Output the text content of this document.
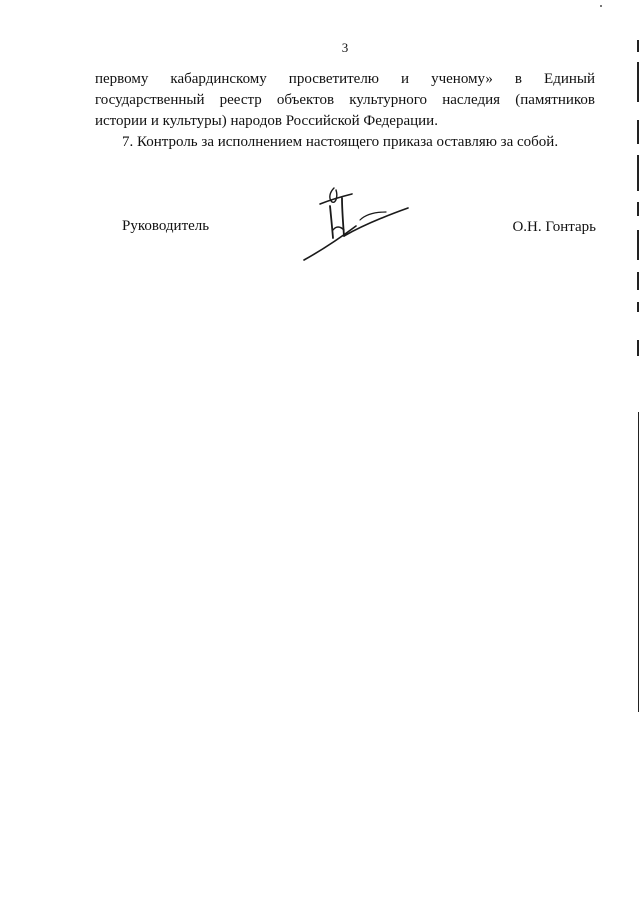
3
первому кабардинскому просветителю и ученому» в Единый
государственный реестр объектов культурного наследия (памятников
истории и культуры) народов Российской Федерации.
7. Контроль за исполнением настоящего приказа оставляю за собой.
Руководитель	О.Н. Гонтарь
